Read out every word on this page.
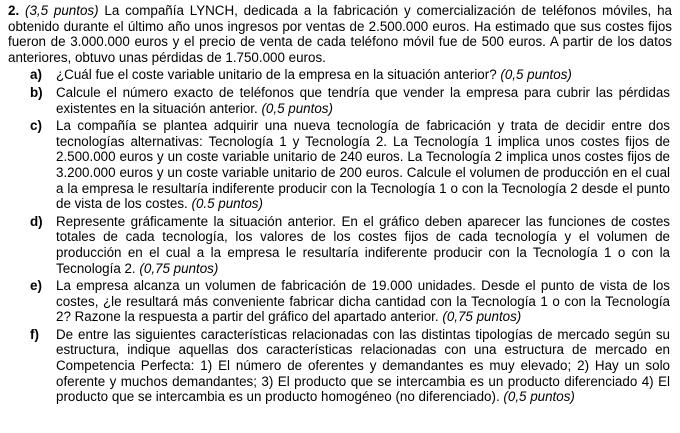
2. (3,5 puntos) La compañía LYNCH, dedicada a la fabricación y comercialización de teléfonos móviles, ha obtenido durante el último año unos ingresos por ventas de 2.500.000 euros. Ha estimado que sus costes fijos fueron de 3.000.000 euros y el precio de venta de cada teléfono móvil fue de 500 euros. A partir de los datos anteriores, obtuvo unas pérdidas de 1.750.000 euros.

a)	¿Cuál fue el coste variable unitario de la empresa en la situación anterior? (0,5 puntos)
b) Calcule el número exacto de teléfonos que tendría que vender la empresa para cubrir las pérdidas existentes en la situación anterior. (0,5 puntos)
c)	La compañía se plantea adquirir una nueva tecnología de fabricación y trata de decidir entre dos tecnologías alternativas: Tecnología 1 y Tecnología 2. La Tecnología 1 implica unos costes fijos de 2.500.000 euros y un coste variable unitario de 240 euros. La Tecnología 2 implica unos costes fijos de 3.200.000 euros y un coste variable unitario de 200 euros. Calcule el volumen de producción en el cual a la empresa le resultaría indiferente producir con la Tecnología 1 o con la Tecnología 2 desde el punto de vista de los costes. (0.5 puntos)
d) Represente gráficamente la situación anterior. En el gráfico deben aparecer las funciones de costes totales de cada tecnología, los valores de los costes fijos de cada tecnología y el volumen de producción en el cual a la empresa le resultaría indiferente producir con la Tecnología 1 o con la Tecnología 2. (0,75 puntos)
e)	La empresa alcanza un volumen de fabricación de 19.000 unidades. Desde el punto de vista de los costes, ¿le resultará más conveniente fabricar dicha cantidad con la Tecnología 1 o con la Tecnología 2? Razone la respuesta a partir del gráfico del apartado anterior. (0,75 puntos)
f)	De entre las siguientes características relacionadas con las distintas tipologías de mercado según su estructura, indique aquellas dos características relacionadas con una estructura de mercado en Competencia Perfecta: 1) El número de oferentes y demandantes es muy elevado; 2) Hay un solo oferente y muchos demandantes; 3) El producto que se intercambia es un producto diferenciado 4) El producto que se intercambia es un producto homogéneo (no diferenciado). (0,5 puntos)
